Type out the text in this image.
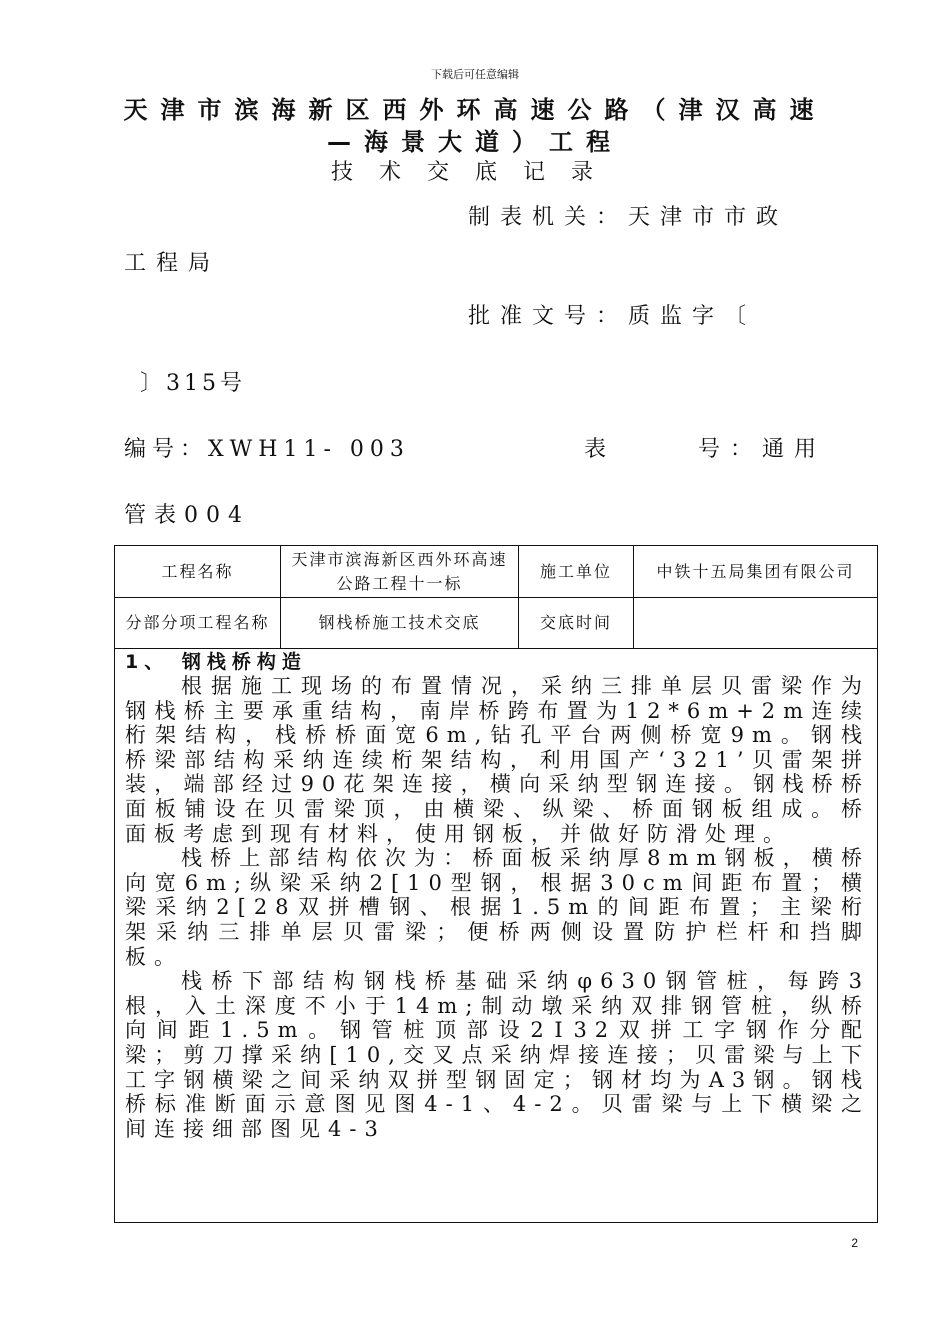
下载后可任意编辑
天津市滨海新区西外环高速公路（津汉高速
—海景大道）工程
技术交底记录
制表机关：天津市市政
工程局
批准文号：质监字〔
〕315号
编号：XWH11- 003	表	号：通用
管表004
工程名称	天津市滨海新区西外环高速公路工程十一标	施工单位	中铁十五局集团有限公司
分部分项工程名称	钢栈桥施工技术交底	交底时间	
1、 钢栈桥构造

根据施工现场的布置情况，采纳三排单层贝雷梁作为钢栈桥主要承重结构，南岸桥跨布置为12*6m+2m连续桁架结构，栈桥桥面宽6m,钻孔平台两侧桥宽9m。钢栈桥梁部结构采纳连续桁架结构，利用国产‘321’贝雷架拼装，端部经过90花架连接，横向采纳型钢连接。钢栈桥桥面板铺设在贝雷梁顶，由横梁、纵梁、桥面钢板组成。桥面板考虑到现有材料，使用钢板，并做好防滑处理。

栈桥上部结构依次为：桥面板采纳厚8mm钢板，横桥向宽6m;纵梁采纳2[10型钢，根据30cm间距布置；横梁采纳2[28双拼槽钢、根据1.5m的间距布置；主梁桁架采纳三排单层贝雷梁；便桥两侧设置防护栏杆和挡脚板。

栈桥下部结构钢栈桥基础采纳φ630钢管桩，每跨3根，入土深度不小于14m;制动墩采纳双排钢管桩，纵桥向间距1.5m。钢管桩顶部设2Ⅰ32双拼工字钢作分配梁；剪刀撑采纳[10,交叉点采纳焊接连接；贝雷梁与上下工字钢横梁之间采纳双拼型钢固定；钢材均为A3钢。钢栈桥标准断面示意图见图4-1、4-2。贝雷梁与上下横梁之间连接细部图见4-3

2
